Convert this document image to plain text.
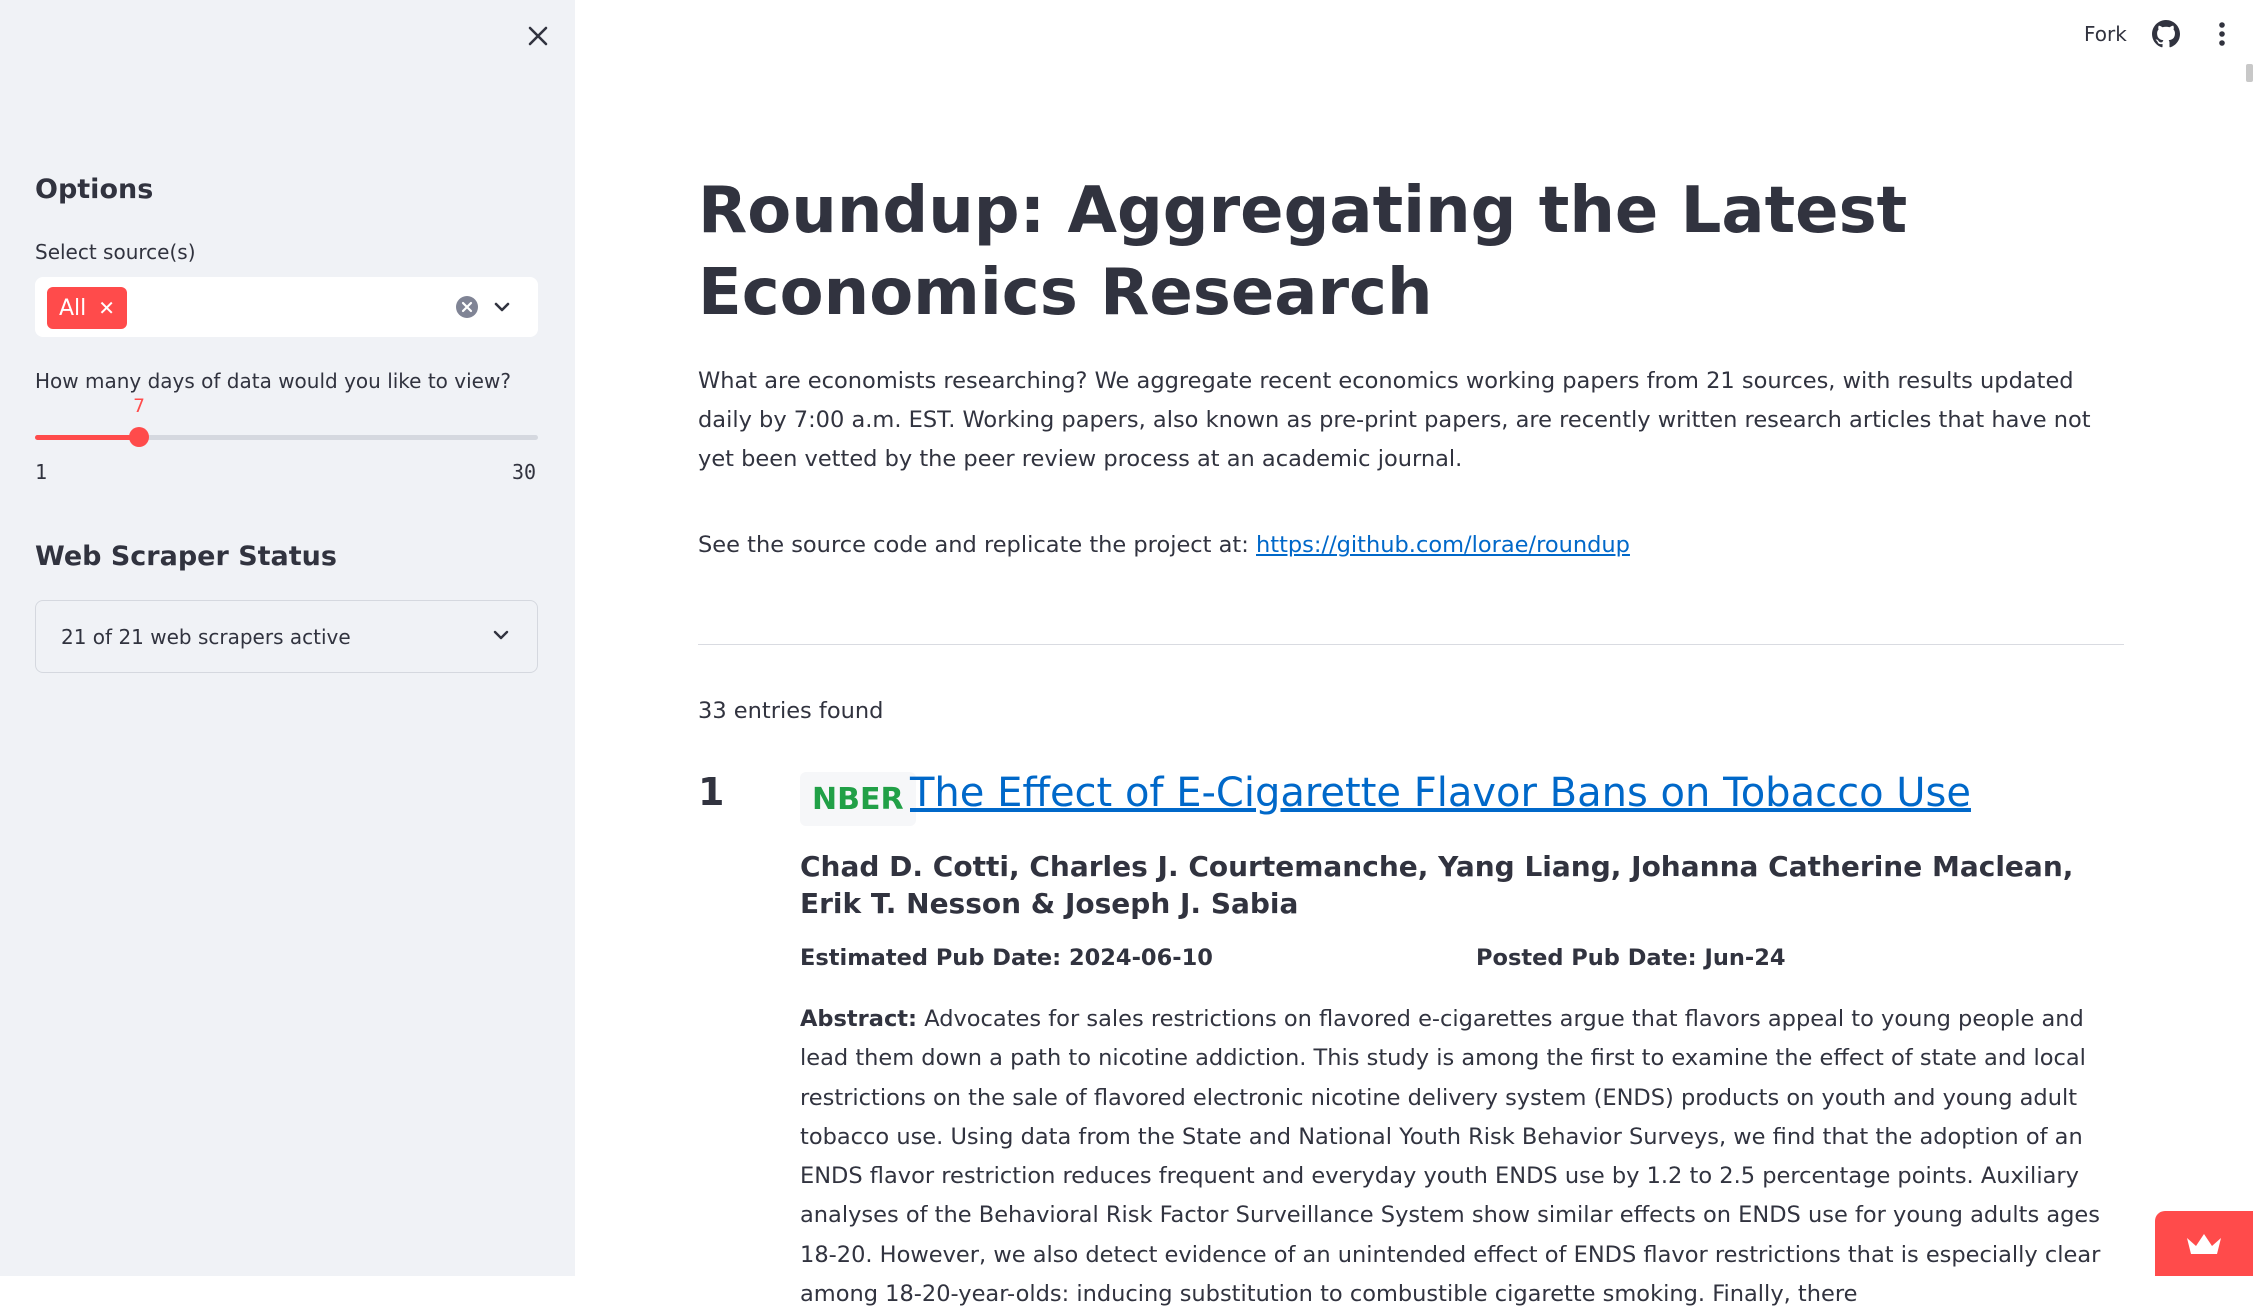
Options
Select source(s)
All ✕
How many days of data would you like to view?
7
1	30
Web Scraper Status
21 of 21 web scrapers active
Fork
Roundup: Aggregating the Latest Economics Research

What are economists researching? We aggregate recent economics working papers from 21 sources, with results updated daily by 7:00 a.m. EST. Working papers, also known as pre-print papers, are recently written research articles that have not yet been vetted by the peer review process at an academic journal.

See the source code and replicate the project at: https://github.com/lorae/roundup
33 entries found
1	NBER The Effect of E-Cigarette Flavor Bans on Tobacco Use
Chad D. Cotti, Charles J. Courtemanche, Yang Liang, Johanna Catherine Maclean, Erik T. Nesson & Joseph J. Sabia
Estimated Pub Date: 2024-06-10	Posted Pub Date: Jun-24
Abstract: Advocates for sales restrictions on flavored e-cigarettes argue that flavors appeal to young people and lead them down a path to nicotine addiction. This study is among the first to examine the effect of state and local restrictions on the sale of flavored electronic nicotine delivery system (ENDS) products on youth and young adult tobacco use. Using data from the State and National Youth Risk Behavior Surveys, we find that the adoption of an ENDS flavor restriction reduces frequent and everyday youth ENDS use by 1.2 to 2.5 percentage points. Auxiliary analyses of the Behavioral Risk Factor Surveillance System show similar effects on ENDS use for young adults ages 18-20. However, we also detect evidence of an unintended effect of ENDS flavor restrictions that is especially clear among 18-20-year-olds: inducing substitution to combustible cigarette smoking. Finally, there
